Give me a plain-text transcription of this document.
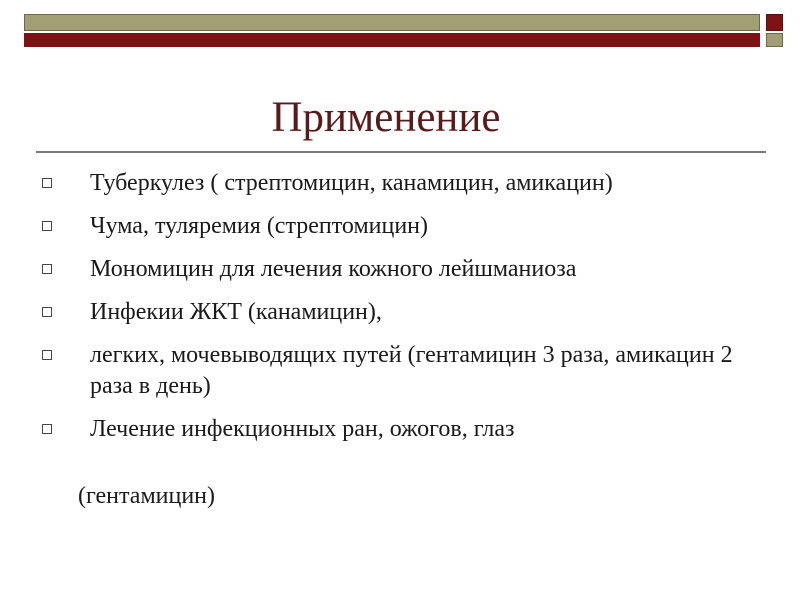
Применение
Туберкулез ( стрептомицин, канамицин, амикацин)
Чума, туляремия (стрептомицин)
Мономицин для лечения кожного лейшманиоза
Инфекии ЖКТ (канамицин),
легких, мочевыводящих путей (гентамицин 3 раза, амикацин 2 раза в день)
Лечение инфекционных ран, ожогов, глаз
(гентамицин)
